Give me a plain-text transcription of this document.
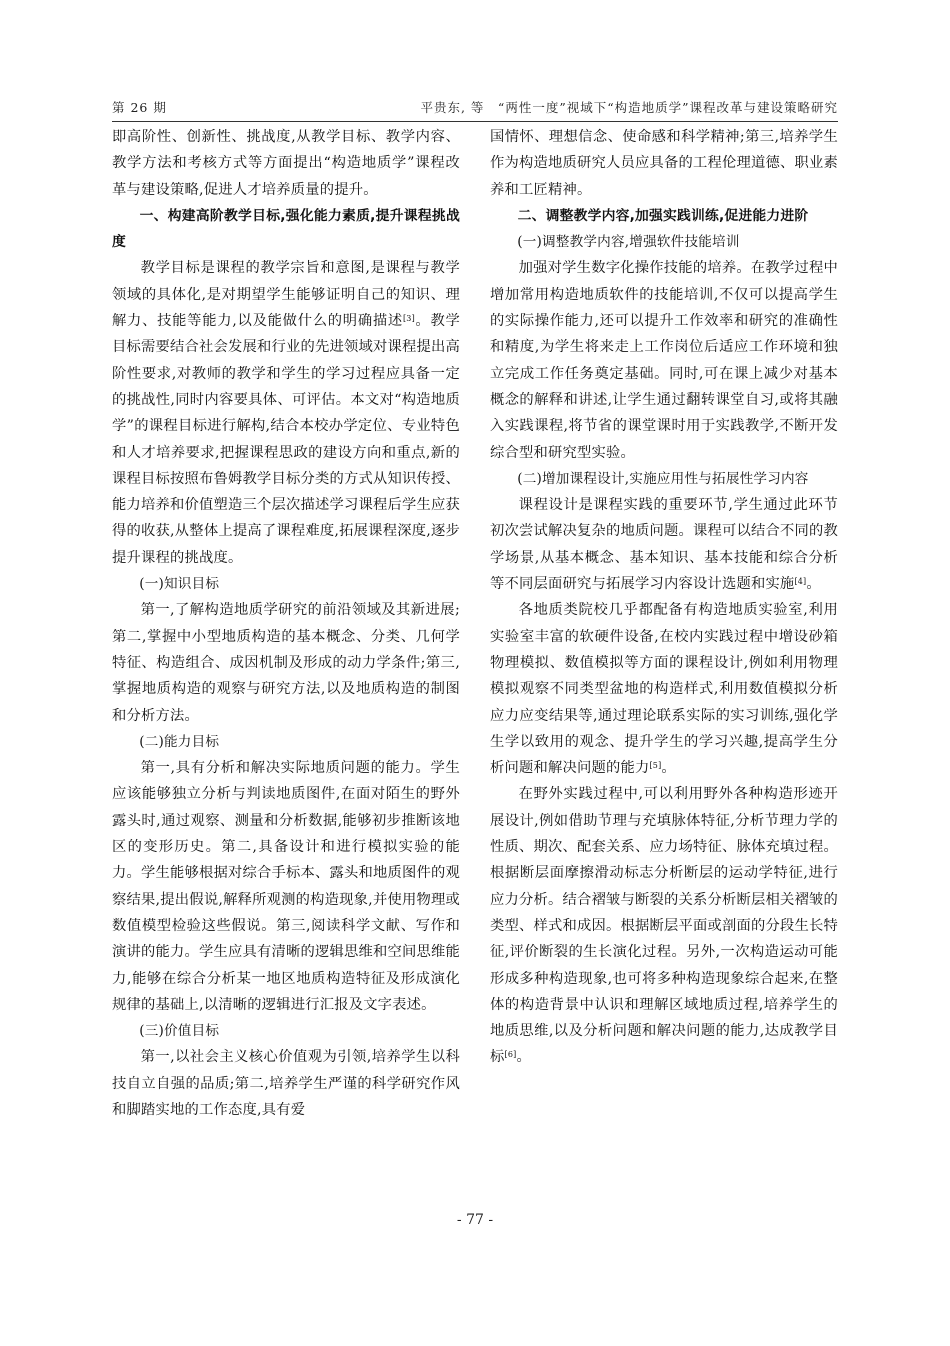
第 26 期	平贵东, 等　“两性一度”视域下“构造地质学”课程改革与建设策略研究

即高阶性、创新性、挑战度,从教学目标、教学内容、教学方法和考核方式等方面提出“构造地质学”课程改革与建设策略,促进人才培养质量的提升。

一、构建高阶教学目标,强化能力素质,提升课程挑战度

教学目标是课程的教学宗旨和意图,是课程与教学领域的具体化,是对期望学生能够证明自己的知识、理解力、技能等能力,以及能做什么的明确描述[3]。教学目标需要结合社会发展和行业的先进领域对课程提出高阶性要求,对教师的教学和学生的学习过程应具备一定的挑战性,同时内容要具体、可评估。本文对“构造地质学”的课程目标进行解构,结合本校办学定位、专业特色和人才培养要求,把握课程思政的建设方向和重点,新的课程目标按照布鲁姆教学目标分类的方式从知识传授、能力培养和价值塑造三个层次描述学习课程后学生应获得的收获,从整体上提高了课程难度,拓展课程深度,逐步提升课程的挑战度。

(一)知识目标

第一,了解构造地质学研究的前沿领域及其新进展;第二,掌握中小型地质构造的基本概念、分类、几何学特征、构造组合、成因机制及形成的动力学条件;第三,掌握地质构造的观察与研究方法,以及地质构造的制图和分析方法。

(二)能力目标

第一,具有分析和解决实际地质问题的能力。学生应该能够独立分析与判读地质图件,在面对陌生的野外露头时,通过观察、测量和分析数据,能够初步推断该地区的变形历史。第二,具备设计和进行模拟实验的能力。学生能够根据对综合手标本、露头和地质图件的观察结果,提出假说,解释所观测的构造现象,并使用物理或数值模型检验这些假说。第三,阅读科学文献、写作和演讲的能力。学生应具有清晰的逻辑思维和空间思维能力,能够在综合分析某一地区地质构造特征及形成演化规律的基础上,以清晰的逻辑进行汇报及文字表述。

(三)价值目标

第一,以社会主义核心价值观为引领,培养学生以科技自立自强的品质;第二,培养学生严谨的科学研究作风和脚踏实地的工作态度,具有爱

国情怀、理想信念、使命感和科学精神;第三,培养学生作为构造地质研究人员应具备的工程伦理道德、职业素养和工匠精神。

二、调整教学内容,加强实践训练,促进能力进阶

(一)调整教学内容,增强软件技能培训

加强对学生数字化操作技能的培养。在教学过程中增加常用构造地质软件的技能培训,不仅可以提高学生的实际操作能力,还可以提升工作效率和研究的准确性和精度,为学生将来走上工作岗位后适应工作环境和独立完成工作任务奠定基础。同时,可在课上减少对基本概念的解释和讲述,让学生通过翻转课堂自习,或将其融入实践课程,将节省的课堂课时用于实践教学,不断开发综合型和研究型实验。

(二)增加课程设计,实施应用性与拓展性学习内容

课程设计是课程实践的重要环节,学生通过此环节初次尝试解决复杂的地质问题。课程可以结合不同的教学场景,从基本概念、基本知识、基本技能和综合分析等不同层面研究与拓展学习内容设计选题和实施[4]。

各地质类院校几乎都配备有构造地质实验室,利用实验室丰富的软硬件设备,在校内实践过程中增设砂箱物理模拟、数值模拟等方面的课程设计,例如利用物理模拟观察不同类型盆地的构造样式,利用数值模拟分析应力应变结果等,通过理论联系实际的实习训练,强化学生学以致用的观念、提升学生的学习兴趣,提高学生分析问题和解决问题的能力[5]。

在野外实践过程中,可以利用野外各种构造形迹开展设计,例如借助节理与充填脉体特征,分析节理力学的性质、期次、配套关系、应力场特征、脉体充填过程。根据断层面摩擦滑动标志分析断层的运动学特征,进行应力分析。结合褶皱与断裂的关系分析断层相关褶皱的类型、样式和成因。根据断层平面或剖面的分段生长特征,评价断裂的生长演化过程。另外,一次构造运动可能形成多种构造现象,也可将多种构造现象综合起来,在整体的构造背景中认识和理解区域地质过程,培养学生的地质思维,以及分析问题和解决问题的能力,达成教学目标[6]。

- 77 -
